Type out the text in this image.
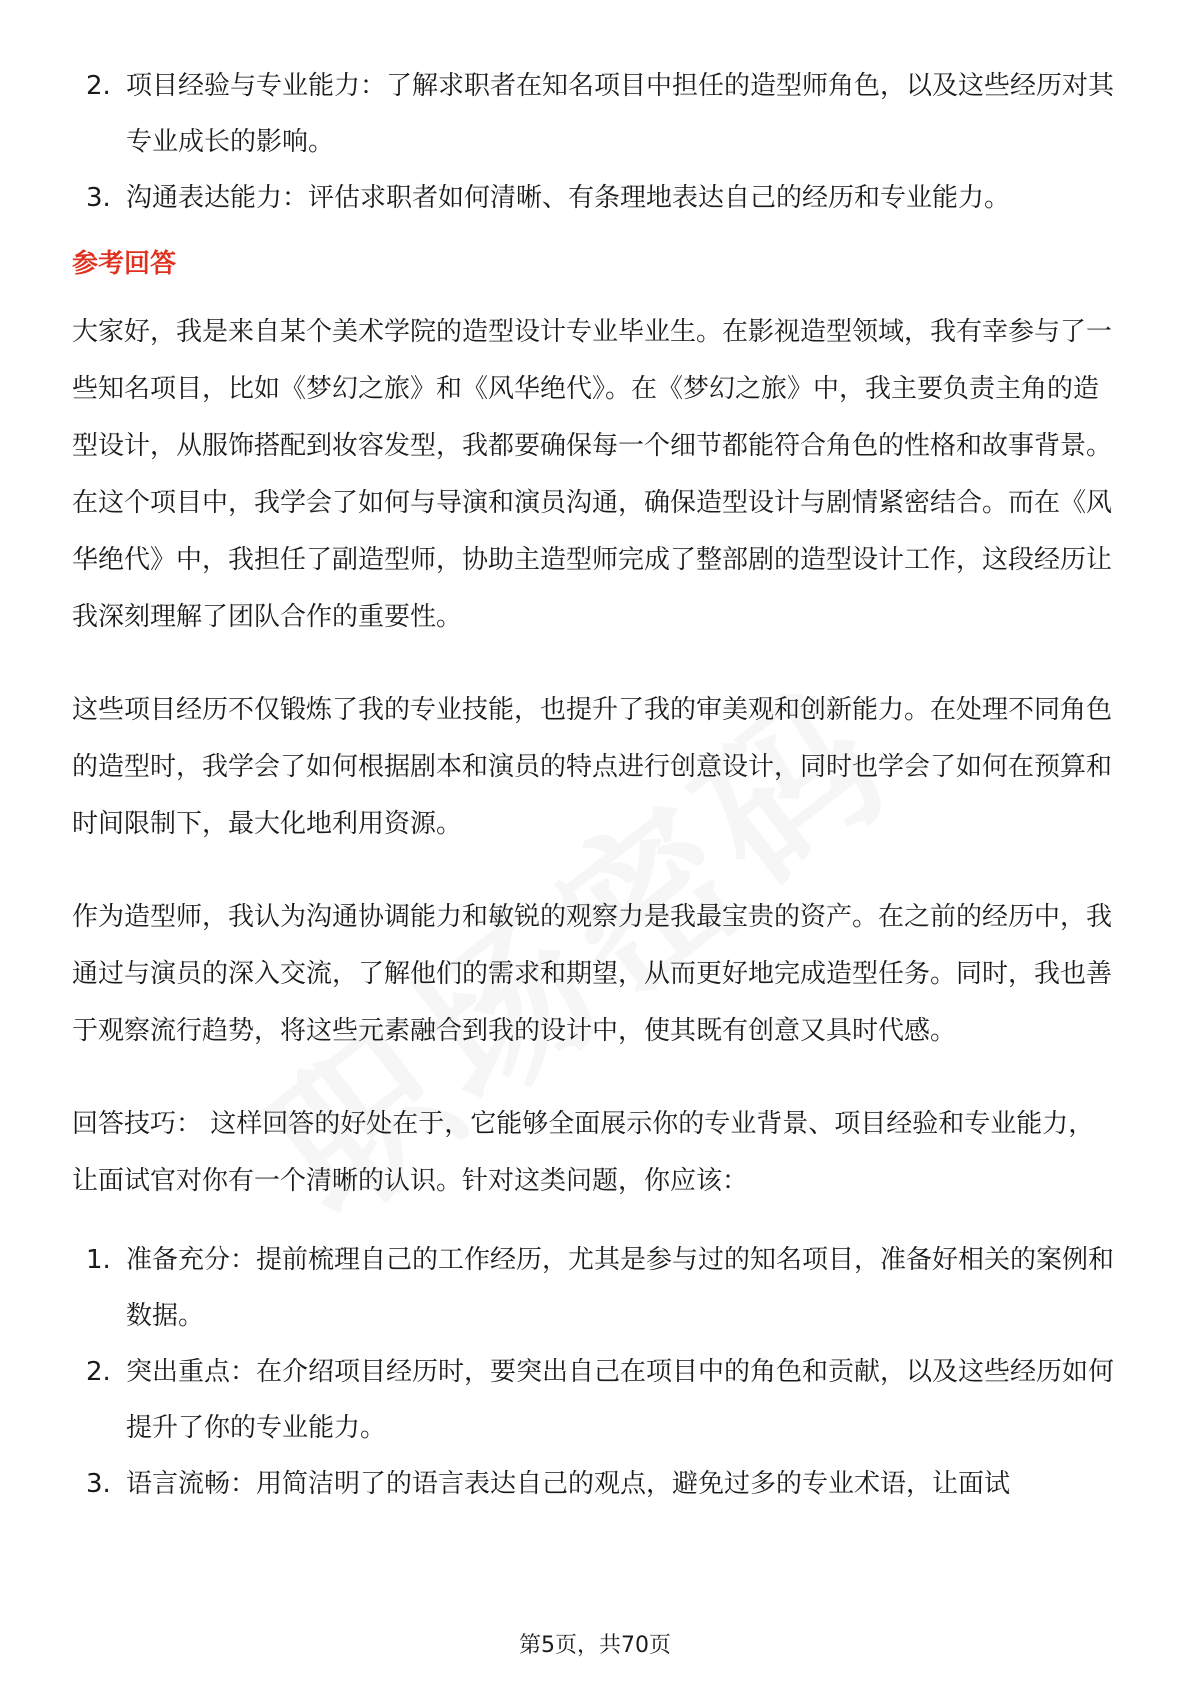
2. 项目经验与专业能力：了解求职者在知名项目中担任的造型师角色，以及这些经历对其专业成长的影响。
3. 沟通表达能力：评估求职者如何清晰、有条理地表达自己的经历和专业能力。
参考回答

大家好，我是来自某个美术学院的造型设计专业毕业生。在影视造型领域，我有幸参与了一些知名项目，比如《梦幻之旅》和《风华绝代》。在《梦幻之旅》中，我主要负责主角的造型设计，从服饰搭配到妆容发型，我都要确保每一个细节都能符合角色的性格和故事背景。在这个项目中，我学会了如何与导演和演员沟通，确保造型设计与剧情紧密结合。而在《风华绝代》中，我担任了副造型师，协助主造型师完成了整部剧的造型设计工作，这段经历让我深刻理解了团队合作的重要性。

这些项目经历不仅锻炼了我的专业技能，也提升了我的审美观和创新能力。在处理不同角色的造型时，我学会了如何根据剧本和演员的特点进行创意设计，同时也学会了如何在预算和时间限制下，最大化地利用资源。

作为造型师，我认为沟通协调能力和敏锐的观察力是我最宝贵的资产。在之前的经历中，我通过与演员的深入交流，了解他们的需求和期望，从而更好地完成造型任务。同时，我也善于观察流行趋势，将这些元素融合到我的设计中，使其既有创意又具时代感。

回答技巧： 这样回答的好处在于，它能够全面展示你的专业背景、项目经验和专业能力，让面试官对你有一个清晰的认识。针对这类问题，你应该：

1. 准备充分：提前梳理自己的工作经历，尤其是参与过的知名项目，准备好相关的案例和数据。
2. 突出重点：在介绍项目经历时，要突出自己在项目中的角色和贡献，以及这些经历如何提升了你的专业能力。
3. 语言流畅：用简洁明了的语言表达自己的观点，避免过多的专业术语，让面试
第5页，共70页
